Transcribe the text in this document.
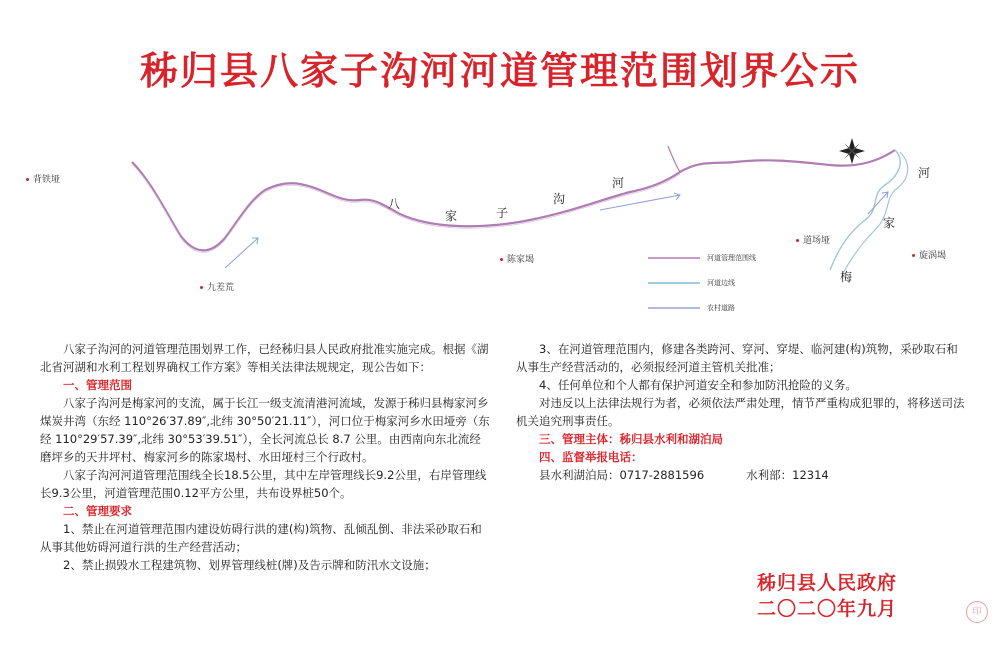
秭归县八家子沟河河道管理范围划界公示
背铁垭
九差荒
陈家堨
道场垭
旋涡堨
八
家	子
沟
河
河
家
梅
河道管理范围线
河道边线
农村道路

八家子沟河的河道管理范围划界工作，已经秭归县人民政府批准实施完成。根据《湖北省河湖和水利工程划界确权工作方案》等相关法律法规规定，现公告如下：

一、管理范围

八家子沟河是梅家河的支流，属于长江一级支流清港河流域，发源于秭归县梅家河乡煤炭井湾（东经 110°26′37.89″,北纬 30°50′21.11″），河口位于梅家河乡水田垭旁（东经 110°29′57.39″,北纬 30°53′39.51″），全长河流总长 8.7 公里。由西南向东北流经磨坪乡的天井坪村、梅家河乡的陈家堨村、水田垭村三个行政村。

八家子沟河河道管理范围线全长18.5公里，其中左岸管理线长9.2公里，右岸管理线长9.3公里，河道管理范围0.12平方公里，共布设界桩50个。

二、管理要求

1、禁止在河道管理范围内建设妨碍行洪的建(构)筑物、乱倾乱倒、非法采砂取石和从事其他妨碍河道行洪的生产经营活动；

2、禁止损毁水工程建筑物、划界管理线桩(牌)及告示牌和防汛水文设施；

3、在河道管理范围内，修建各类跨河、穿河、穿堤、临河建(构)筑物，采砂取石和从事生产经营活动的，必须报经河道主管机关批准；

4、任何单位和个人都有保护河道安全和参加防汛抢险的义务。

对违反以上法律法规行为者，必须依法严肃处理，情节严重构成犯罪的，将移送司法机关追究刑事责任。

三、管理主体：秭归县水利和湖泊局

四、监督举报电话：

县水利湖泊局：0717-2881596	水利部：12314

秭归县人民政府
二〇二〇年九月	印
